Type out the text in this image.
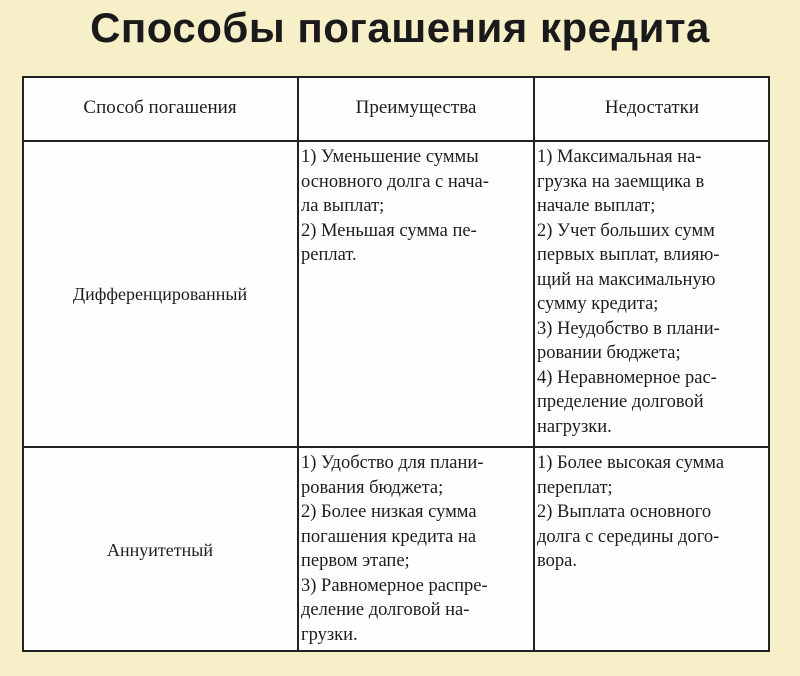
Способы погашения кредита
Способ погашения	Преимущества	Недостатки
Дифференцированный
1) Уменьшение суммы
основного долга с нача-
ла выплат;
2) Меньшая сумма пе-
реплат.
1) Максимальная на-
грузка на заемщика в
начале выплат;
2) Учет больших сумм
первых выплат, влияю-
щий на максимальную
сумму кредита;
3) Неудобство в плани-
ровании бюджета;
4) Неравномерное рас-
пределение долговой
нагрузки.
Аннуитетный
1) Удобство для плани-
рования бюджета;
2) Более низкая сумма
погашения кредита на
первом этапе;
3) Равномерное распре-
деление долговой на-
грузки.
1) Более высокая сумма
переплат;
2) Выплата основного
долга с середины дого-
вора.
